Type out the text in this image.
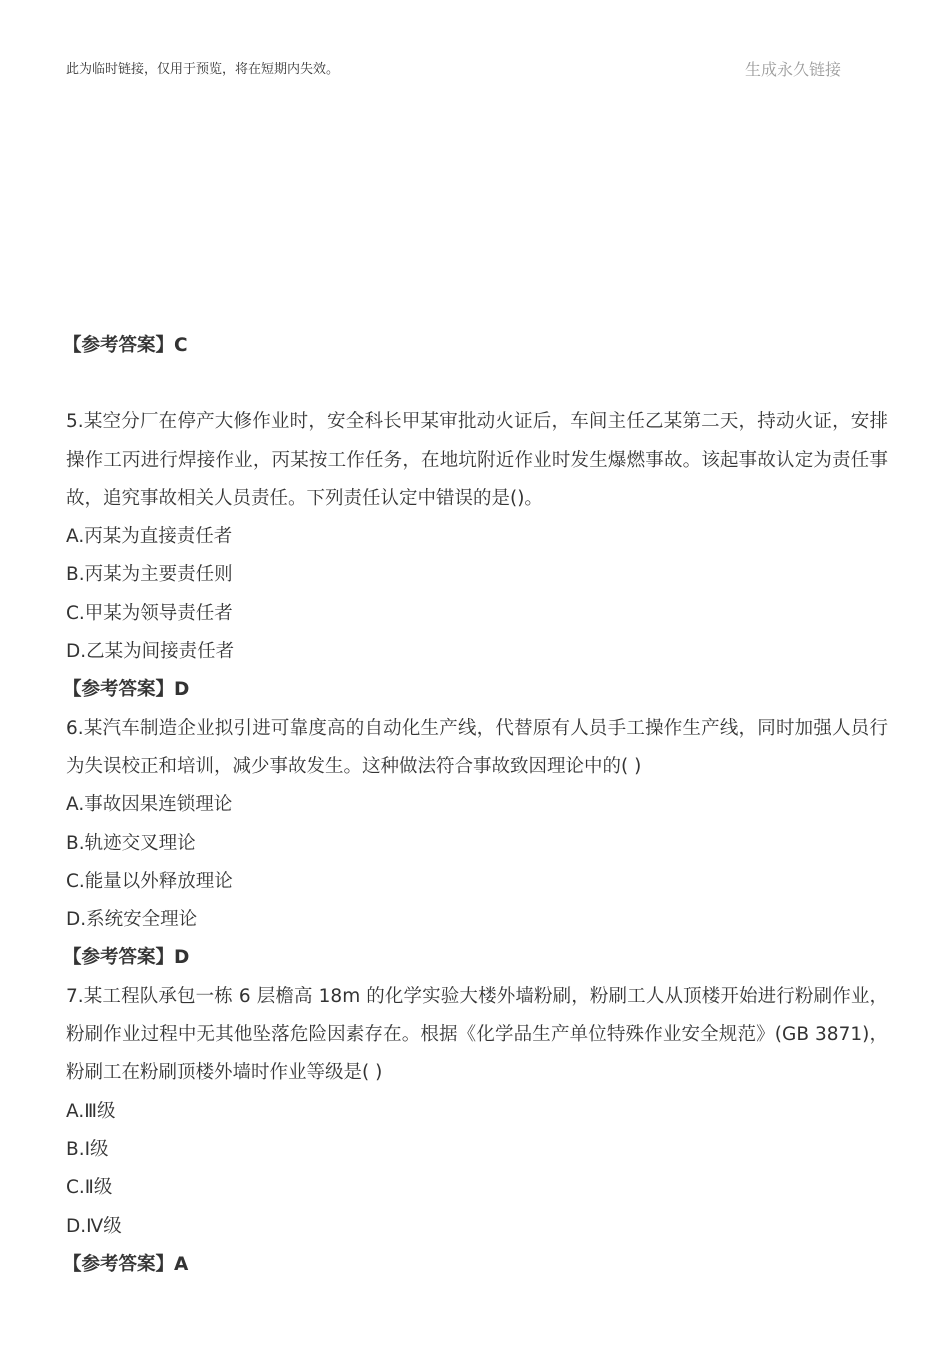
此为临时链接，仅用于预览，将在短期内失效。	生成永久链接
【参考答案】C
5.某空分厂在停产大修作业时，安全科长甲某审批动火证后，车间主任乙某第二天，持动火证，安排操作工丙进行焊接作业，丙某按工作任务，在地坑附近作业时发生爆燃事故。该起事故认定为责任事故，追究事故相关人员责任。下列责任认定中错误的是()。
A.丙某为直接责任者
B.丙某为主要责任则
C.甲某为领导责任者
D.乙某为间接责任者
【参考答案】D
6.某汽车制造企业拟引进可靠度高的自动化生产线，代替原有人员手工操作生产线，同时加强人员行为失误校正和培训，减少事故发生。这种做法符合事故致因理论中的( )
A.事故因果连锁理论
B.轨迹交叉理论
C.能量以外释放理论
D.系统安全理论
【参考答案】D
7.某工程队承包一栋 6 层檐高 18m 的化学实验大楼外墙粉刷，粉刷工人从顶楼开始进行粉刷作业，粉刷作业过程中无其他坠落危险因素存在。根据《化学品生产单位特殊作业安全规范》(GB 3871)，粉刷工在粉刷顶楼外墙时作业等级是( )
A.Ⅲ级
B.Ⅰ级
C.Ⅱ级
D.Ⅳ级
【参考答案】A
